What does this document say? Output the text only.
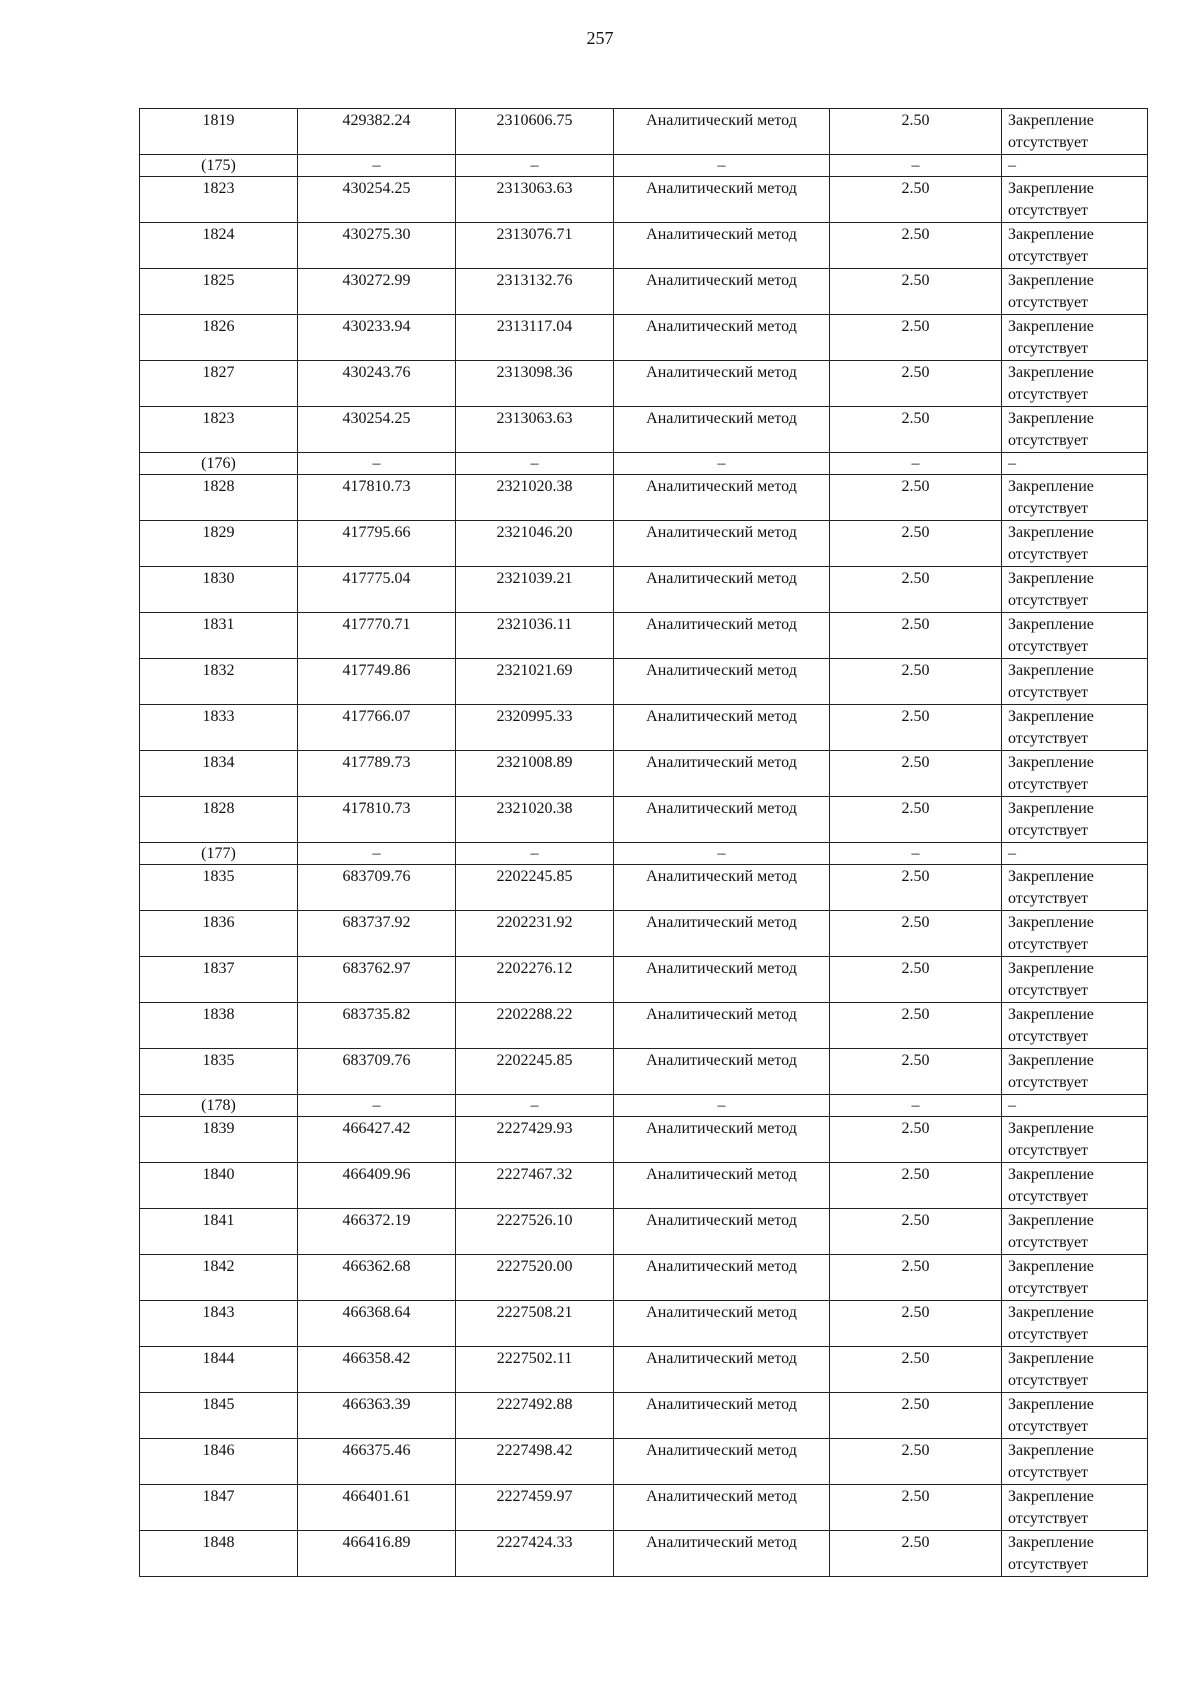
257
1819	429382.24	2310606.75	Аналитический метод	2.50	Закрепление отсутствует
(175)	–	–	–	–	–
1823	430254.25	2313063.63	Аналитический метод	2.50	Закрепление отсутствует
1824	430275.30	2313076.71	Аналитический метод	2.50	Закрепление отсутствует
1825	430272.99	2313132.76	Аналитический метод	2.50	Закрепление отсутствует
1826	430233.94	2313117.04	Аналитический метод	2.50	Закрепление отсутствует
1827	430243.76	2313098.36	Аналитический метод	2.50	Закрепление отсутствует
1823	430254.25	2313063.63	Аналитический метод	2.50	Закрепление отсутствует
(176)	–	–	–	–	–
1828	417810.73	2321020.38	Аналитический метод	2.50	Закрепление отсутствует
1829	417795.66	2321046.20	Аналитический метод	2.50	Закрепление отсутствует
1830	417775.04	2321039.21	Аналитический метод	2.50	Закрепление отсутствует
1831	417770.71	2321036.11	Аналитический метод	2.50	Закрепление отсутствует
1832	417749.86	2321021.69	Аналитический метод	2.50	Закрепление отсутствует
1833	417766.07	2320995.33	Аналитический метод	2.50	Закрепление отсутствует
1834	417789.73	2321008.89	Аналитический метод	2.50	Закрепление отсутствует
1828	417810.73	2321020.38	Аналитический метод	2.50	Закрепление отсутствует
(177)	–	–	–	–	–
1835	683709.76	2202245.85	Аналитический метод	2.50	Закрепление отсутствует
1836	683737.92	2202231.92	Аналитический метод	2.50	Закрепление отсутствует
1837	683762.97	2202276.12	Аналитический метод	2.50	Закрепление отсутствует
1838	683735.82	2202288.22	Аналитический метод	2.50	Закрепление отсутствует
1835	683709.76	2202245.85	Аналитический метод	2.50	Закрепление отсутствует
(178)	–	–	–	–	–
1839	466427.42	2227429.93	Аналитический метод	2.50	Закрепление отсутствует
1840	466409.96	2227467.32	Аналитический метод	2.50	Закрепление отсутствует
1841	466372.19	2227526.10	Аналитический метод	2.50	Закрепление отсутствует
1842	466362.68	2227520.00	Аналитический метод	2.50	Закрепление отсутствует
1843	466368.64	2227508.21	Аналитический метод	2.50	Закрепление отсутствует
1844	466358.42	2227502.11	Аналитический метод	2.50	Закрепление отсутствует
1845	466363.39	2227492.88	Аналитический метод	2.50	Закрепление отсутствует
1846	466375.46	2227498.42	Аналитический метод	2.50	Закрепление отсутствует
1847	466401.61	2227459.97	Аналитический метод	2.50	Закрепление отсутствует
1848	466416.89	2227424.33	Аналитический метод	2.50	Закрепление отсутствует
